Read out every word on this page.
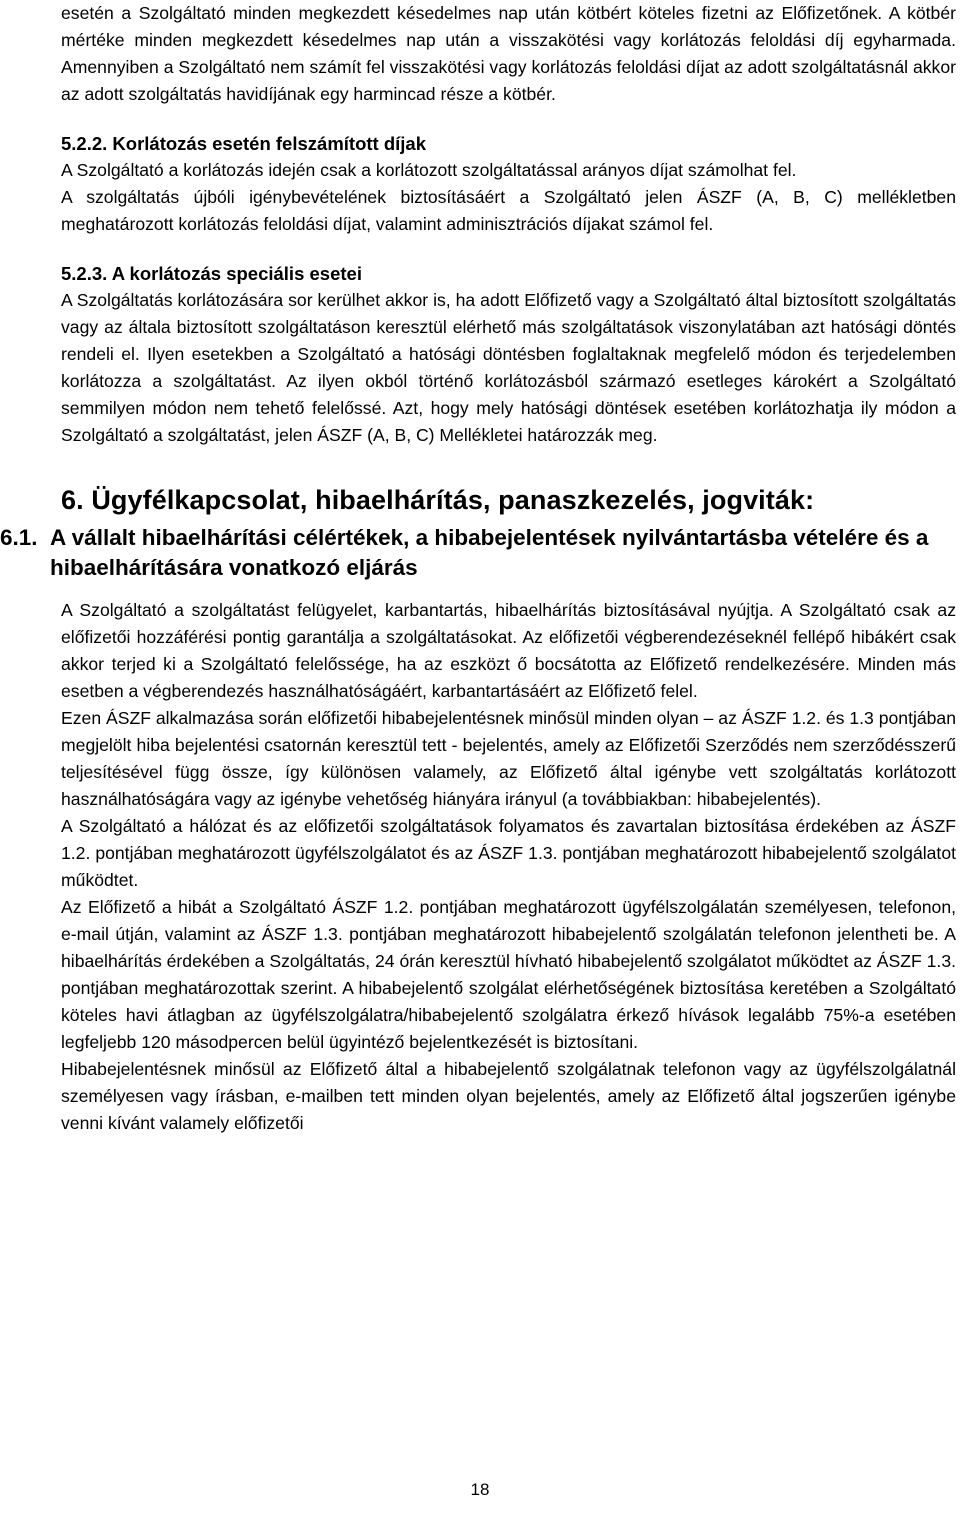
esetén a Szolgáltató minden megkezdett késedelmes nap után kötbért köteles fizetni az Előfizetőnek. A kötbér mértéke minden megkezdett késedelmes nap után a visszakötési vagy korlátozás feloldási díj egyharmada. Amennyiben a Szolgáltató nem számít fel visszakötési vagy korlátozás feloldási díjat az adott szolgáltatásnál akkor az adott szolgáltatás havidíjának egy harmincad része a kötbér.

5.2.2. Korlátozás esetén felszámított díjak

A Szolgáltató a korlátozás idején csak a korlátozott szolgáltatással arányos díjat számolhat fel.

A szolgáltatás újbóli igénybevételének biztosításáért a Szolgáltató jelen ÁSZF (A, B, C) mellékletben meghatározott korlátozás feloldási díjat, valamint adminisztrációs díjakat számol fel.

5.2.3. A korlátozás speciális esetei

A Szolgáltatás korlátozására sor kerülhet akkor is, ha adott Előfizető vagy a Szolgáltató által biztosított szolgáltatás vagy az általa biztosított szolgáltatáson keresztül elérhető más szolgáltatások viszonylatában azt hatósági döntés rendeli el. Ilyen esetekben a Szolgáltató a hatósági döntésben foglaltaknak megfelelő módon és terjedelemben korlátozza a szolgáltatást. Az ilyen okból történő korlátozásból származó esetleges károkért a Szolgáltató semmilyen módon nem tehető felelőssé. Azt, hogy mely hatósági döntések esetében korlátozhatja ily módon a Szolgáltató a szolgáltatást, jelen ÁSZF (A, B, C) Mellékletei határozzák meg.

6. Ügyfélkapcsolat, hibaelhárítás, panaszkezelés, jogviták:
6.1. A vállalt hibaelhárítási célértékek, a hibabejelentések nyilvántartásba vételére és a hibaelhárítására vonatkozó eljárás

A Szolgáltató a szolgáltatást felügyelet, karbantartás, hibaelhárítás biztosításával nyújtja. A Szolgáltató csak az előfizetői hozzáférési pontig garantálja a szolgáltatásokat. Az előfizetői végberendezéseknél fellépő hibákért csak akkor terjed ki a Szolgáltató felelőssége, ha az eszközt ő bocsátotta az Előfizető rendelkezésére. Minden más esetben a végberendezés használhatóságáért, karbantartásáért az Előfizető felel.

Ezen ÁSZF alkalmazása során előfizetői hibabejelentésnek minősül minden olyan – az ÁSZF 1.2. és 1.3 pontjában megjelölt hiba bejelentési csatornán keresztül tett - bejelentés, amely az Előfizetői Szerződés nem szerződésszerű teljesítésével függ össze, így különösen valamely, az Előfizető által igénybe vett szolgáltatás korlátozott használhatóságára vagy az igénybe vehetőség hiányára irányul (a továbbiakban: hibabejelentés).

A Szolgáltató a hálózat és az előfizetői szolgáltatások folyamatos és zavartalan biztosítása érdekében az ÁSZF 1.2. pontjában meghatározott ügyfélszolgálatot és az ÁSZF 1.3. pontjában meghatározott hibabejelentő szolgálatot működtet.

Az Előfizető a hibát a Szolgáltató ÁSZF 1.2. pontjában meghatározott ügyfélszolgálatán személyesen, telefonon, e-mail útján, valamint az ÁSZF 1.3. pontjában meghatározott hibabejelentő szolgálatán telefonon jelentheti be. A hibaelhárítás érdekében a Szolgáltatás, 24 órán keresztül hívható hibabejelentő szolgálatot működtet az ÁSZF 1.3. pontjában meghatározottak szerint. A hibabejelentő szolgálat elérhetőségének biztosítása keretében a Szolgáltató köteles havi átlagban az ügyfélszolgálatra/hibabejelentő szolgálatra érkező hívások legalább 75%-a esetében legfeljebb 120 másodpercen belül ügyintéző bejelentkezését is biztosítani.

Hibabejelentésnek minősül az Előfizető által a hibabejelentő szolgálatnak telefonon vagy az ügyfélszolgálatnál személyesen vagy írásban, e-mailben tett minden olyan bejelentés, amely az Előfizető által jogszerűen igénybe venni kívánt valamely előfizetői

18
